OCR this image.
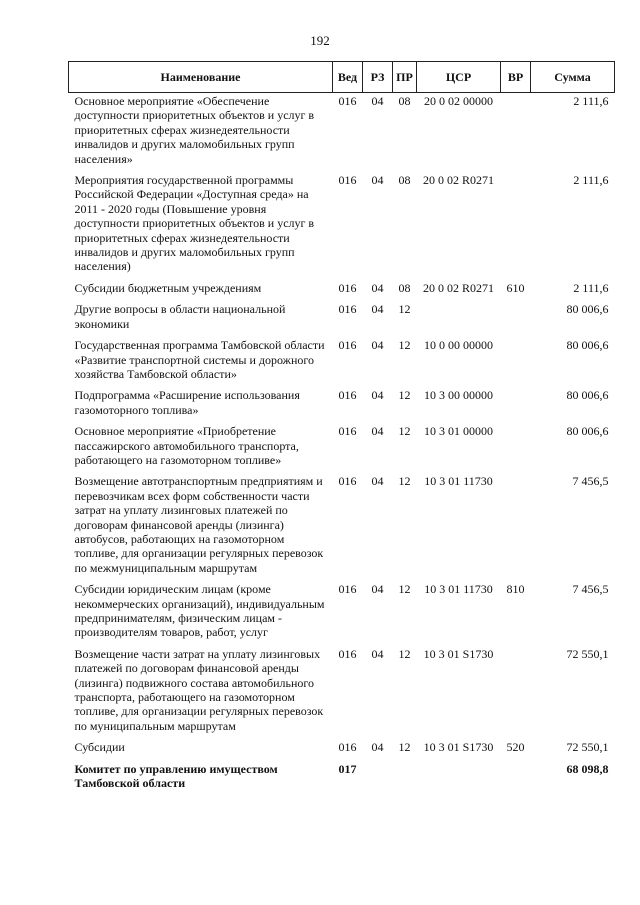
192
Наименование	Вед	РЗ	ПР	ЦСР	ВР	Сумма
Основное мероприятие «Обеспечение доступности приоритетных объектов и услуг в приоритетных сферах жизнедеятельности инвалидов и других маломобильных групп населения»	016	04	08	20 0 02 00000		2 111,6
Мероприятия государственной программы Российской Федерации «Доступная среда» на 2011 - 2020 годы (Повышение уровня доступности приоритетных объектов и услуг в приоритетных сферах жизнедеятельности инвалидов и других маломобильных групп населения)	016	04	08	20 0 02 R0271		2 111,6
Субсидии бюджетным учреждениям	016	04	08	20 0 02 R0271	610	2 111,6
Другие вопросы в области национальной экономики	016	04	12			80 006,6
Государственная программа Тамбовской области «Развитие транспортной системы и дорожного хозяйства Тамбовской области»	016	04	12	10 0 00 00000		80 006,6
Подпрограмма «Расширение использования газомоторного топлива»	016	04	12	10 3 00 00000		80 006,6
Основное мероприятие «Приобретение пассажирского автомобильного транспорта, работающего на газомоторном топливе»	016	04	12	10 3 01 00000		80 006,6
Возмещение автотранспортным предприятиям и перевозчикам всех форм собственности части затрат на уплату лизинговых платежей по договорам финансовой аренды (лизинга) автобусов, работающих на газомоторном топливе, для организации регулярных перевозок по межмуниципальным маршрутам	016	04	12	10 3 01 11730		7 456,5
Субсидии юридическим лицам (кроме некоммерческих организаций), индивидуальным предпринимателям, физическим лицам - производителям товаров, работ, услуг	016	04	12	10 3 01 11730	810	7 456,5
Возмещение части затрат на уплату лизинговых платежей по договорам финансовой аренды (лизинга) подвижного состава автомобильного транспорта, работающего на газомоторном топливе, для организации регулярных перевозок по муниципальным маршрутам	016	04	12	10 3 01 S1730		72 550,1
Субсидии	016	04	12	10 3 01 S1730	520	72 550,1
Комитет по управлению имуществом Тамбовской области	017					68 098,8
